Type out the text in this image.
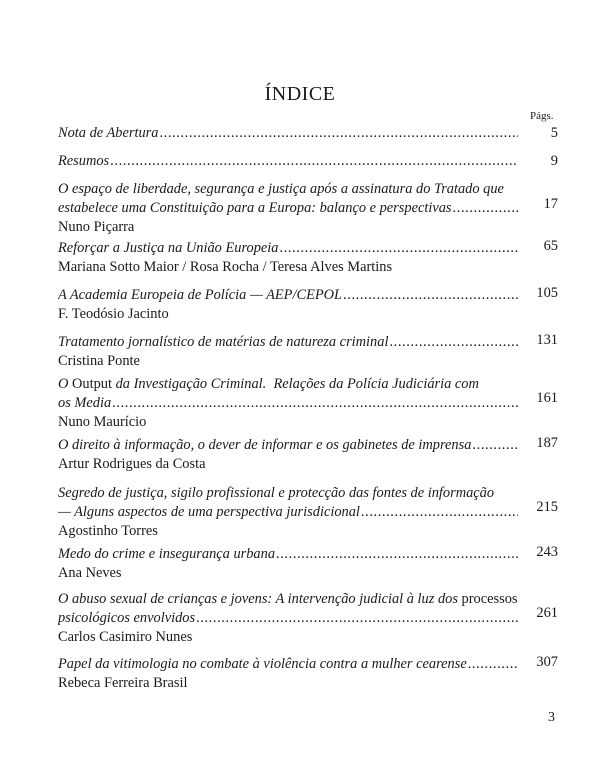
ÍNDICE
Págs.
Nota de Abertura .....	5
Resumos .....	9
O espaço de liberdade, segurança e justiça após a assinatura do Tratado que
estabelece uma Constituição para a Europa: balanço e perspectivas
.....
Nuno Piçarra
17
Reforçar a Justiça na União Europeia
.....
Mariana Sotto Maior / Rosa Rocha / Teresa Alves Martins
65
A Academia Europeia de Polícia — AEP/CEPOL
.....
F. Teodósio Jacinto
105
Tratamento jornalístico de matérias de natureza criminal
.....
Cristina Ponte
131
O Output da Investigação Criminal.  Relações da Polícia Judiciária com
os Media
.....
Nuno Maurício
161
O direito à informação, o dever de informar e os gabinetes de imprensa
.....
Artur Rodrigues da Costa
187
Segredo de justiça, sigilo profissional e protecção das fontes de informação
— Alguns aspectos de uma perspectiva jurisdicional
.....
Agostinho Torres
215
Medo do crime e insegurança urbana
.....
Ana Neves
243
O abuso sexual de crianças e jovens: A intervenção judicial à luz dos processos
psicológicos envolvidos
.....
Carlos Casimiro Nunes
261
Papel da vitimologia no combate à violência contra a mulher cearense
.....
Rebeca Ferreira Brasil
307
3
